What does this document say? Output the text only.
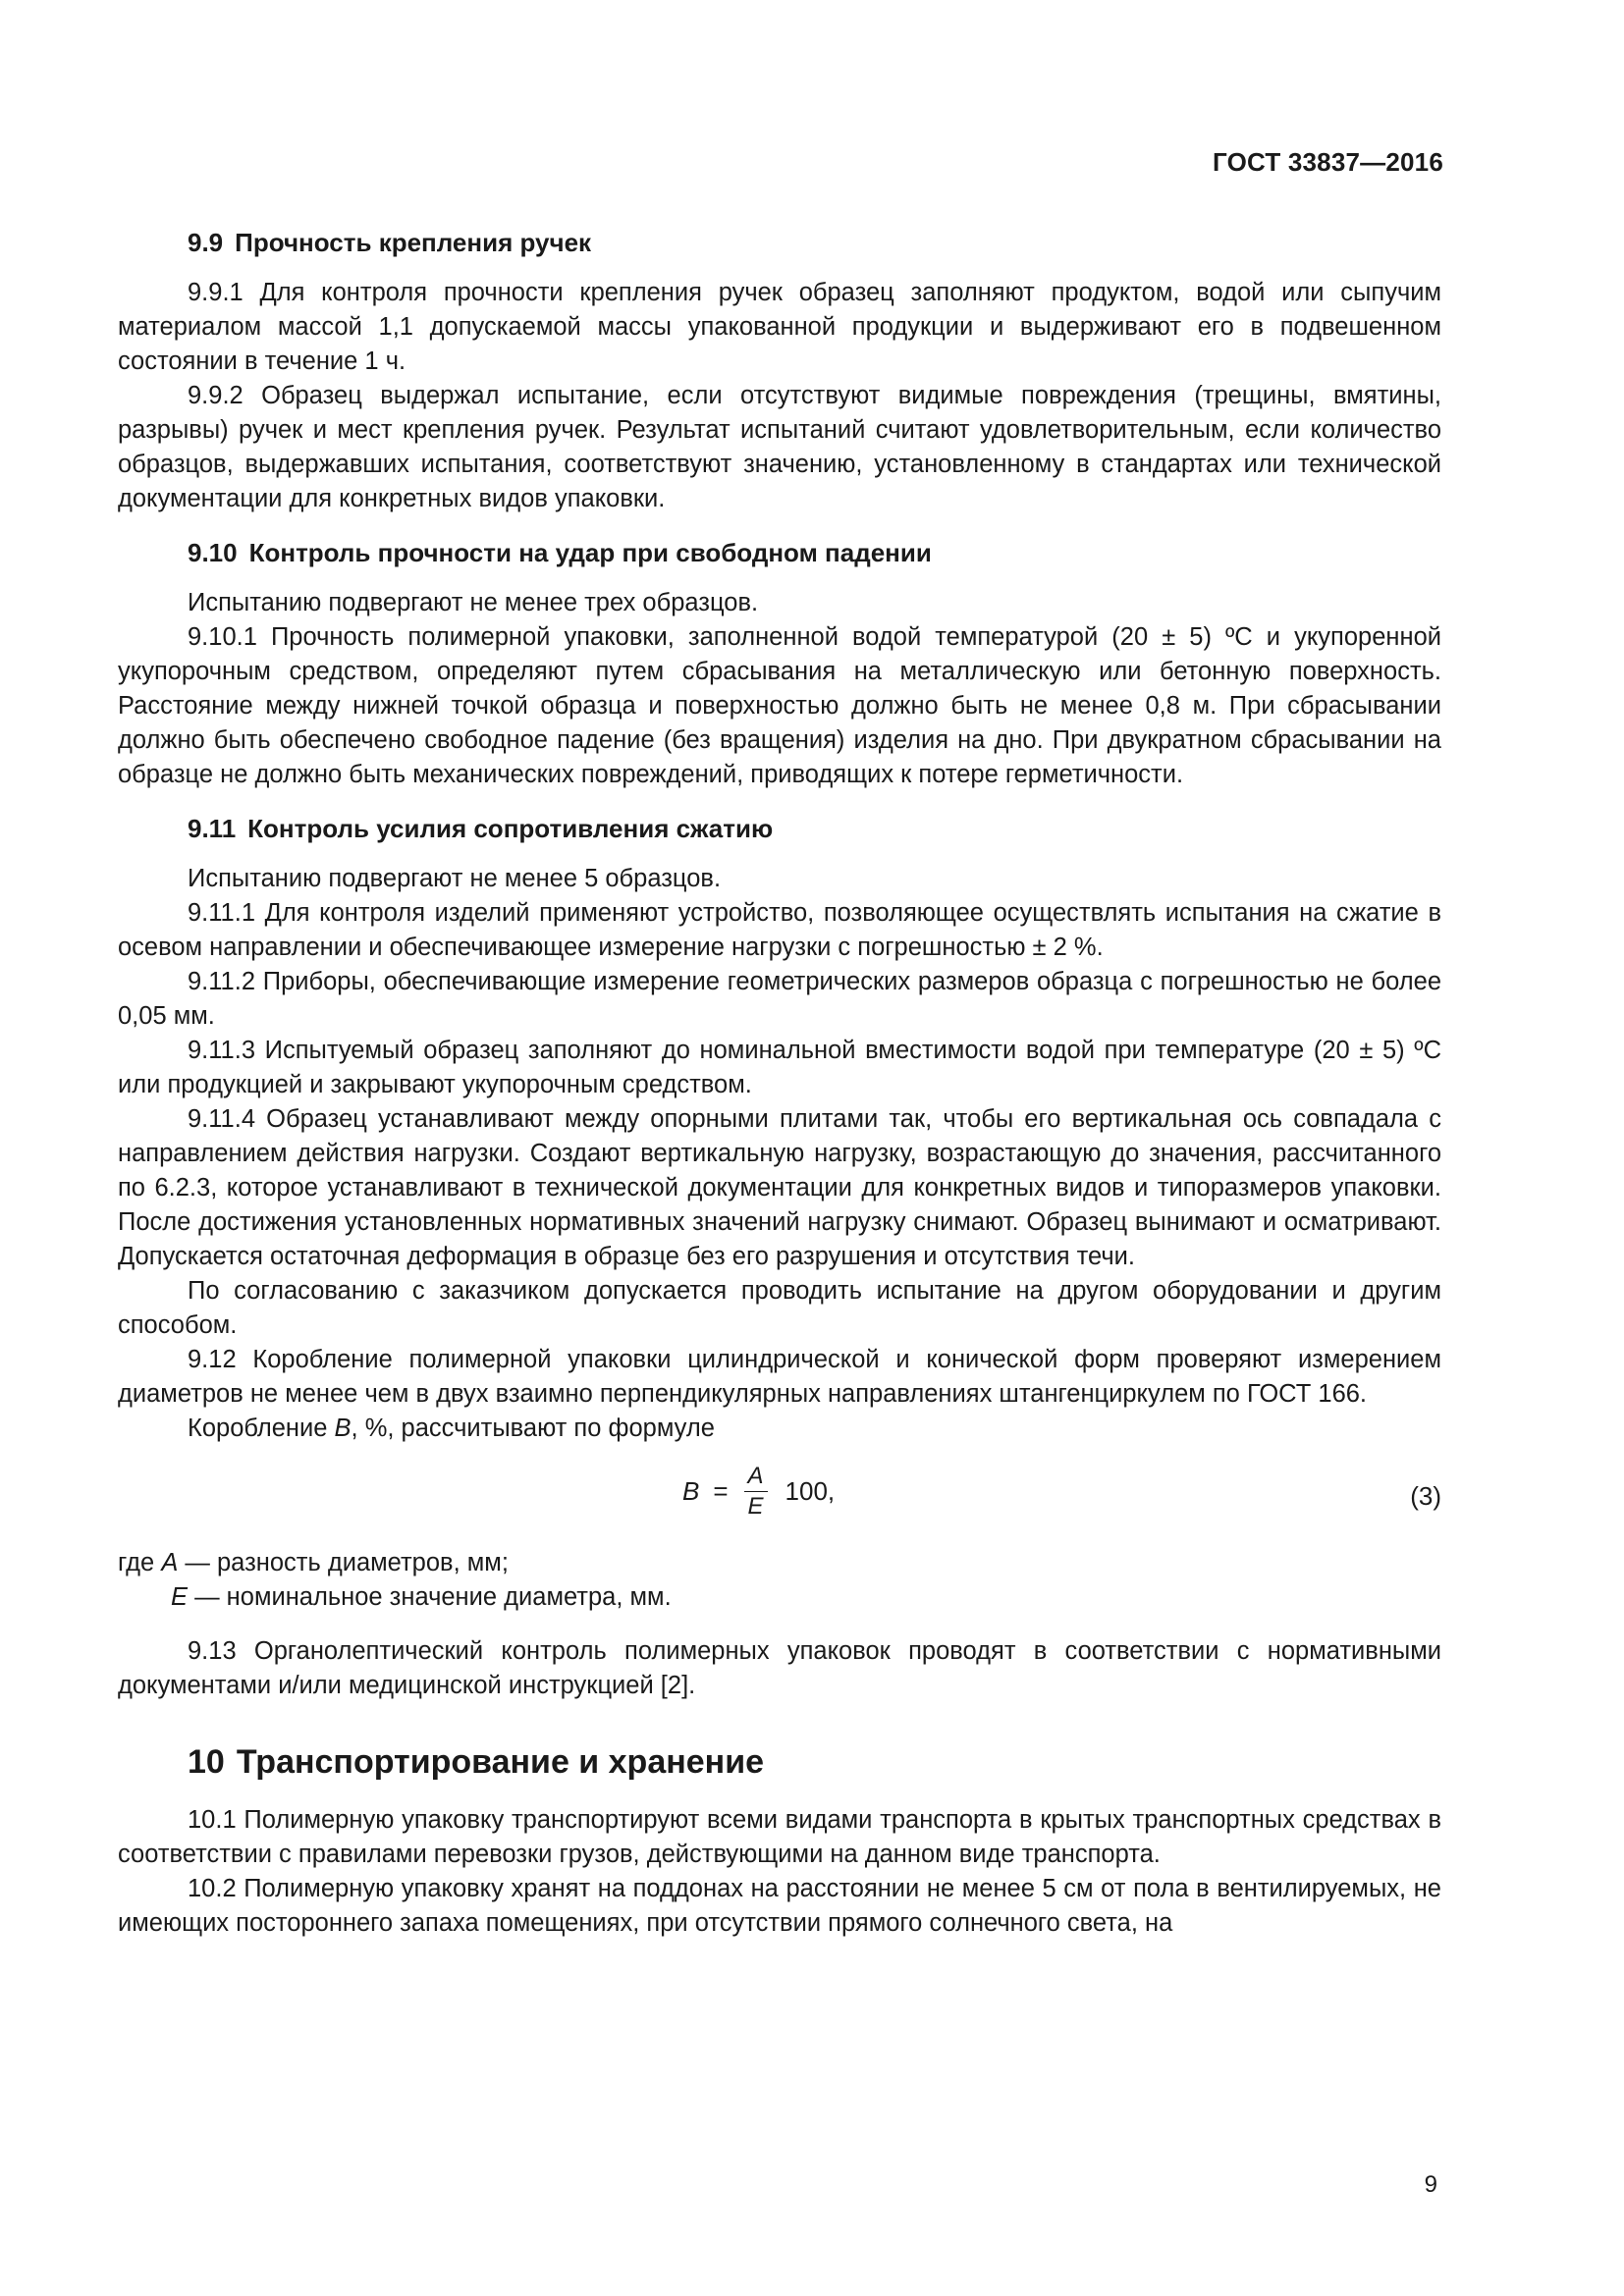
ГОСТ 33837—2016
9.9 Прочность крепления ручек

9.9.1 Для контроля прочности крепления ручек образец заполняют продуктом, водой или сыпучим материалом массой 1,1 допускаемой массы упакованной продукции и выдерживают его в подвешенном состоянии в течение 1 ч.

9.9.2 Образец выдержал испытание, если отсутствуют видимые повреждения (трещины, вмятины, разрывы) ручек и мест крепления ручек. Результат испытаний считают удовлетворительным, если количество образцов, выдержавших испытания, соответствуют значению, установленному в стандартах или технической документации для конкретных видов упаковки.

9.10 Контроль прочности на удар при свободном падении

Испытанию подвергают не менее трех образцов.

9.10.1 Прочность полимерной упаковки, заполненной водой температурой (20 ± 5) ºС и укупоренной укупорочным средством, определяют путем сбрасывания на металлическую или бетонную поверхность. Расстояние между нижней точкой образца и поверхностью должно быть не менее 0,8 м. При сбрасывании должно быть обеспечено свободное падение (без вращения) изделия на дно. При двукратном сбрасывании на образце не должно быть механических повреждений, приводящих к потере герметичности.

9.11 Контроль усилия сопротивления сжатию

Испытанию подвергают не менее 5 образцов.

9.11.1 Для контроля изделий применяют устройство, позволяющее осуществлять испытания на сжатие в осевом направлении и обеспечивающее измерение нагрузки с погрешностью ± 2 %.

9.11.2 Приборы, обеспечивающие измерение геометрических размеров образца с погрешностью не более 0,05 мм.

9.11.3 Испытуемый образец заполняют до номинальной вместимости водой при температуре (20 ± 5) ºС или продукцией и закрывают укупорочным средством.

9.11.4 Образец устанавливают между опорными плитами так, чтобы его вертикальная ось совпадала с направлением действия нагрузки. Создают вертикальную нагрузку, возрастающую до значения, рассчитанного по 6.2.3, которое устанавливают в технической документации для конкретных видов и типоразмеров упаковки. После достижения установленных нормативных значений нагрузку снимают. Образец вынимают и осматривают. Допускается остаточная деформация в образце без его разрушения и отсутствия течи.

По согласованию с заказчиком допускается проводить испытание на другом оборудовании и другим способом.

9.12 Коробление полимерной упаковки цилиндрической и конической форм проверяют измерением диаметров не менее чем в двух взаимно перпендикулярных направлениях штангенциркулем по ГОСТ 166.

Коробление B, %, рассчитывают по формуле

$B = \frac{A}{E} 100$,	(3)

где A — разность диаметров, мм;

E — номинальное значение диаметра, мм.

9.13 Органолептический контроль полимерных упаковок проводят в соответствии с нормативными документами и/или медицинской инструкцией [2].

10 Транспортирование и хранение

10.1 Полимерную упаковку транспортируют всеми видами транспорта в крытых транспортных средствах в соответствии с правилами перевозки грузов, действующими на данном виде транспорта.

10.2 Полимерную упаковку хранят на поддонах на расстоянии не менее 5 см от пола в вентилируемых, не имеющих постороннего запаха помещениях, при отсутствии прямого солнечного света, на

9
